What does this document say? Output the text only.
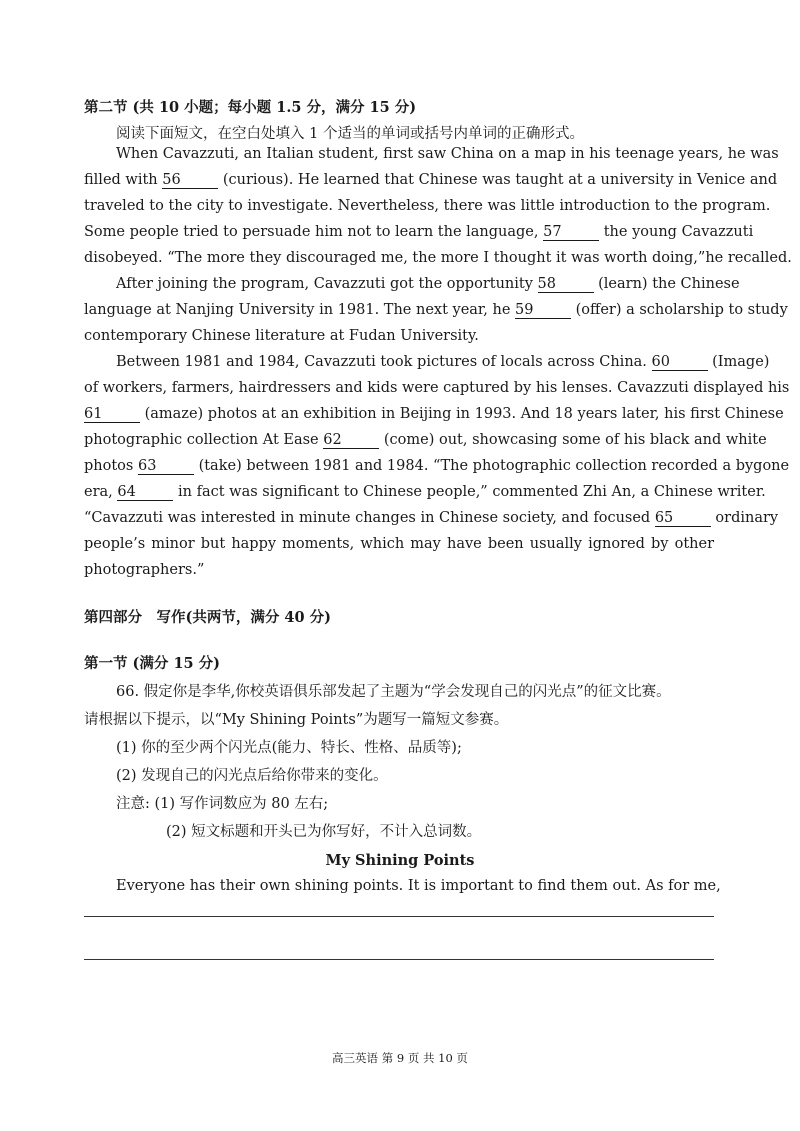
第二节 (共 10 小题；每小题 1.5 分，满分 15 分)
阅读下面短文，在空白处填入 1 个适当的单词或括号内单词的正确形式。
When Cavazzuti, an Italian student, first saw China on a map in his teenage years, he was
filled with 56	(curious). He learned that Chinese was taught at a university in Venice and
traveled to the city to investigate. Nevertheless, there was little introduction to the program.
Some people tried to persuade him not to learn the language, 57	the young Cavazzuti
disobeyed. “The more they discouraged me, the more I thought it was worth doing,”he recalled.
After joining the program, Cavazzuti got the opportunity 58	(learn) the Chinese
language at Nanjing University in 1981. The next year, he 59	(offer) a scholarship to study
contemporary Chinese literature at Fudan University.
Between 1981 and 1984, Cavazzuti took pictures of locals across China. 60	(Image)
of workers, farmers, hairdressers and kids were captured by his lenses. Cavazzuti displayed his
61	(amaze) photos at an exhibition in Beijing in 1993. And 18 years later, his first Chinese
photographic collection At Ease 62	(come) out, showcasing some of his black and white
photos 63	(take) between 1981 and 1984. “The photographic collection recorded a bygone
era, 64	in fact was significant to Chinese people,” commented Zhi An, a Chinese writer.
“Cavazzuti was interested in minute changes in Chinese society, and focused 65	ordinary
people’s minor but happy moments, which may have been usually ignored by other
photographers.”
第四部分　写作(共两节，满分 40 分)
第一节 (满分 15 分)
66. 假定你是李华,你校英语俱乐部发起了主题为“学会发现自己的闪光点”的征文比赛。
请根据以下提示，以“My Shining Points”为题写一篇短文参赛。
(1) 你的至少两个闪光点(能力、特长、性格、品质等);
(2) 发现自己的闪光点后给你带来的变化。
注意: (1) 写作词数应为 80 左右;
(2) 短文标题和开头已为你写好，不计入总词数。
My Shining Points
Everyone has their own shining points. It is important to find them out. As for me,
高三英语 第 9 页 共 10 页
